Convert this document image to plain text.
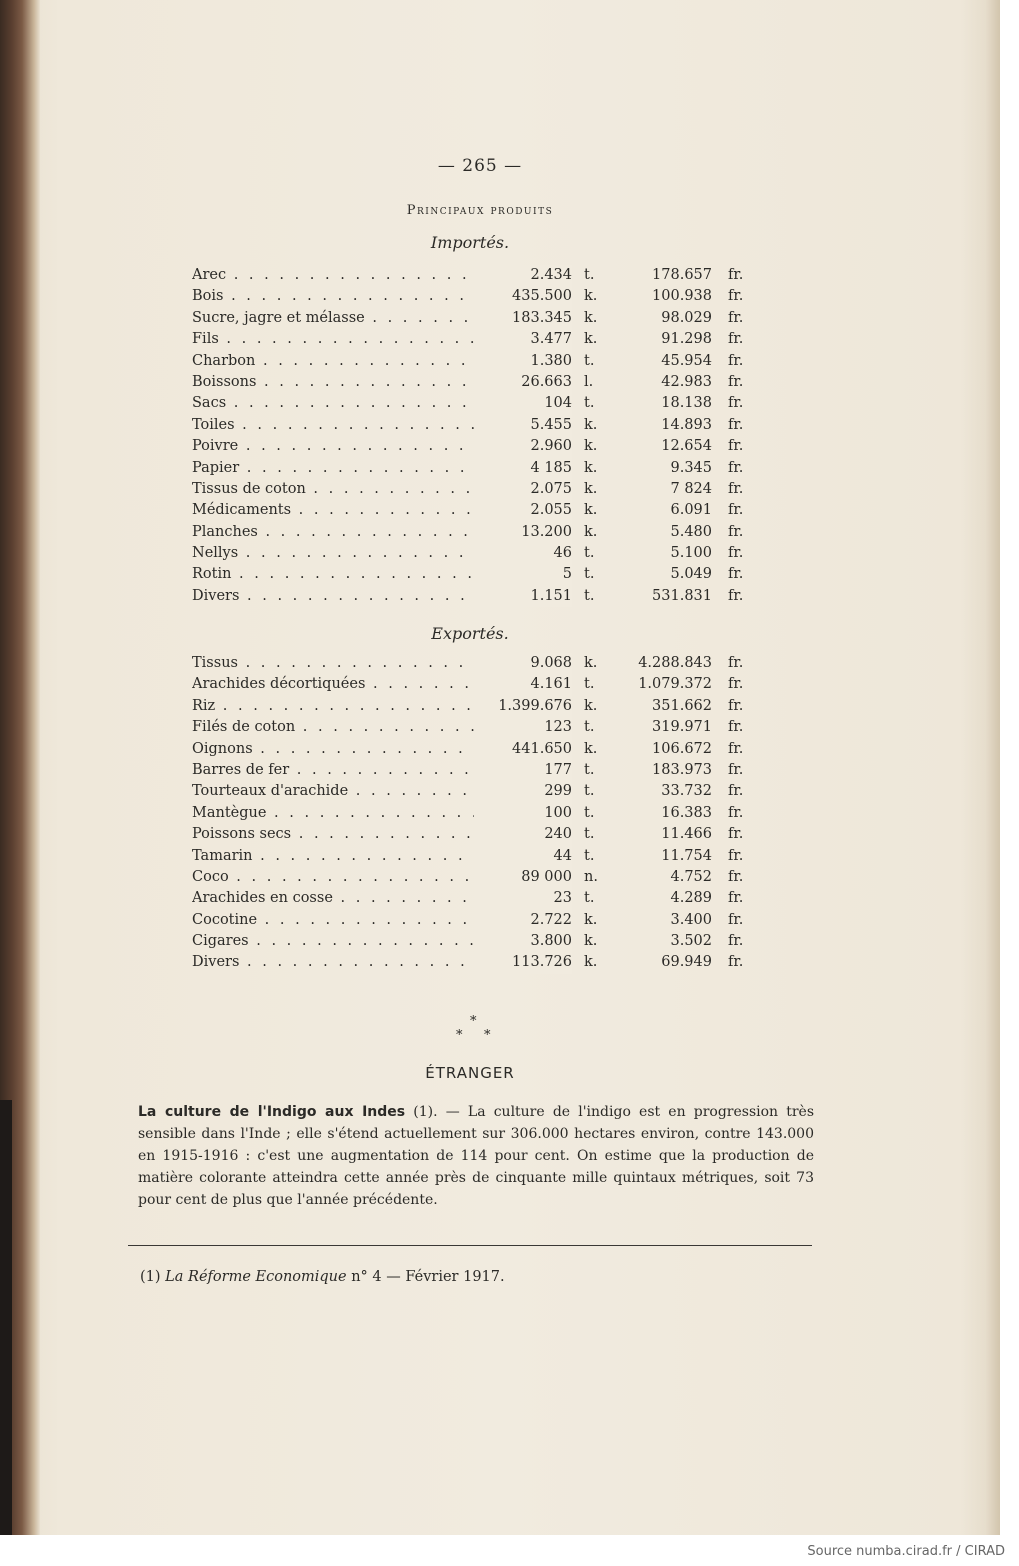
— 265 —
Principaux produits
Importés.
Arec . . .	2.434 t.	178.657 fr.
Bois . . .	435.500 k.	100.938 fr.
Sucre, jagre et mélasse . . .	183.345 k.	98.029 fr.
Fils . . .	3.477 k.	91.298 fr.
Charbon . . .	1.380 t.	45.954 fr.
Boissons . . .	26.663 l.	42.983 fr.
Sacs . . .	104 t.	18.138 fr.
Toiles . . .	5.455 k.	14.893 fr.
Poivre . . .	2.960 k.	12.654 fr.
Papier . . .	4 185 k.	9.345 fr.
Tissus de coton . . .	2.075 k.	7 824 fr.
Médicaments . . .	2.055 k.	6.091 fr.
Planches . . .	13.200 k.	5.480 fr.
Nellys . . .	46 t.	5.100 fr.
Rotin . . .	5 t.	5.049 fr.
Divers . . .	1.151 t.	531.831 fr.
Exportés.
Tissus . . .	9.068 k.	4.288.843 fr.
Arachides décortiquées . . .	4.161 t.	1.079.372 fr.
Riz . . .	1.399.676 k.	351.662 fr.
Filés de coton . . .	123 t.	319.971 fr.
Oignons . . .	441.650 k.	106.672 fr.
Barres de fer . . .	177 t.	183.973 fr.
Tourteaux d'arachide . . .	299 t.	33.732 fr.
Mantègue . . .	100 t.	16.383 fr.
Poissons secs . . .	240 t.	11.466 fr.
Tamarin . . .	44 t.	11.754 fr.
Coco . . .	89 000 n.	4.752 fr.
Arachides en cosse . . .	23 t.	4.289 fr.
Cocotine . . .	2.722 k.	3.400 fr.
Cigares . . .	3.800 k.	3.502 fr.
Divers . . .	113.726 k.	69.949 fr.
*
* *
ÉTRANGER
La culture de l'Indigo aux Indes (1). — La culture de l'indigo est en progression très sensible dans l'Inde ; elle s'étend actuellement sur 306.000 hectares environ, contre 143.000 en 1915-1916 : c'est une augmentation de 114 pour cent. On estime que la production de matière colorante atteindra cette année près de cinquante mille quintaux métriques, soit 73 pour cent de plus que l'année précédente.
(1) La Réforme Economique n° 4 — Février 1917.
Source numba.cirad.fr / CIRAD
